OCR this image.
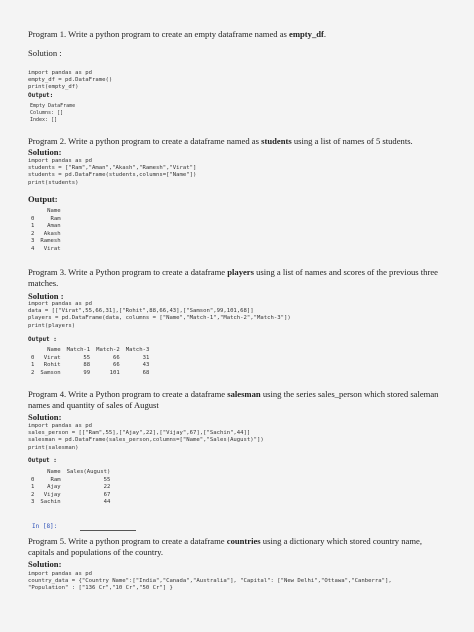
Program 1. Write a python program to create an empty dataframe named as empty_df.
Solution :
import pandas as pd
empty_df = pd.DataFrame()
print(empty_df)
Output:
Empty DataFrame
Columns: []
Index: []
Program 2. Write a python program to create a dataframe named as students using a list of names of 5 students.
Solution:
import pandas as pd
students = ["Ram","Aman","Akash","Ramesh","Virat"]
students = pd.DataFrame(students,columns=["Name"])
print(students)
Output:
	Name
0	Ram
1	Aman
2	Akash
3	Ramesh
4	Virat
Program 3. Write a Python program to create a dataframe players using a list of names and scores of the previous three matches.
Solution :
import pandas as pd
data = [["Virat",55,66,31],["Rohit",88,66,43],["Samson",99,101,68]]
players = pd.DataFrame(data, columns = ["Name","Match-1","Match-2","Match-3"])
print(players)
Output :
	Name	Match-1	Match-2	Match-3
0	Virat	55	66	31
1	Rohit	88	66	43
2	Samson	99	101	68
Program 4. Write a Python program to create a dataframe salesman using the series sales_person which stored saleman names and quantity of sales of August
Solution:
import pandas as pd
sales_person = [["Ram",55],["Ajay",22],["Vijay",67],["Sachin",44]]
salesman = pd.DataFrame(sales_person,columns=["Name","Sales(August)"])
print(salesman)
Output :
	Name	Sales(August)
0	Ram	55
1	Ajay	22
2	Vijay	67
3	Sachin	44
In [8]:
Program 5. Write a python program to create a dataframe countries using a dictionary which stored country name, capitals and populations of the country.
Solution:
import pandas as pd
country_data = {"Country Name":["India","Canada","Australia"], "Capital": ["New Delhi","Ottawa","Canberra"],
"Population" : ["136 Cr","10 Cr","50 Cr"] }
